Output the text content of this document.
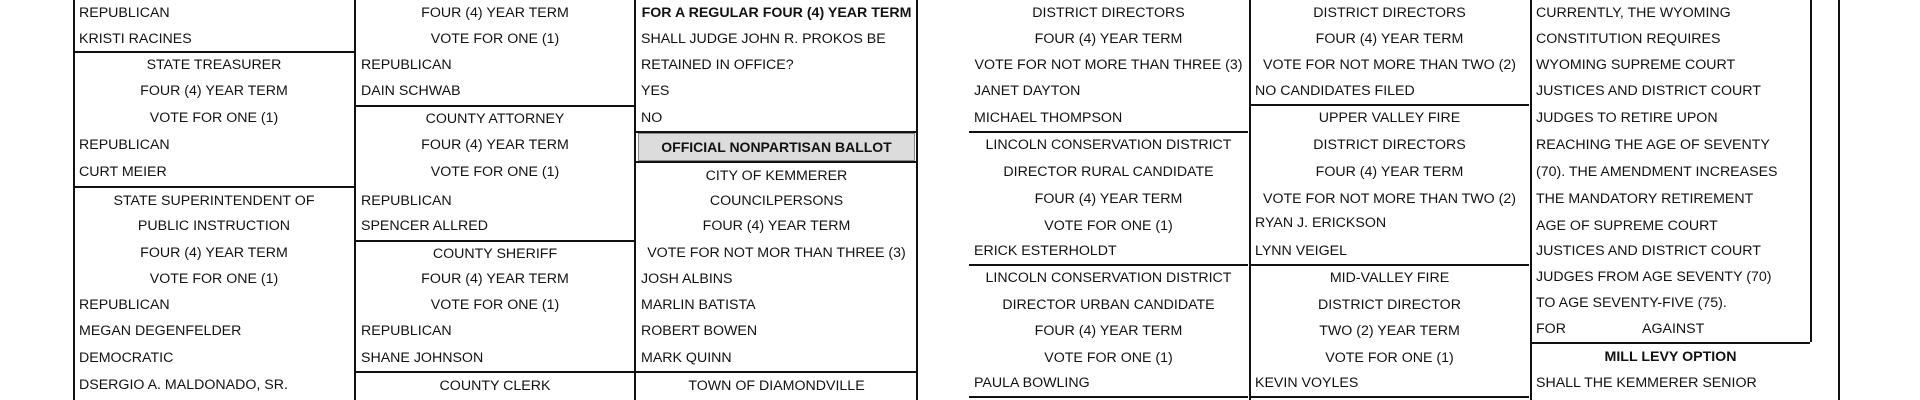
REPUBLICAN
KRISTI RACINES
STATE TREASURER
FOUR (4) YEAR TERM
VOTE FOR ONE (1)
REPUBLICAN
CURT MEIER
STATE SUPERINTENDENT OF
PUBLIC INSTRUCTION
FOUR (4) YEAR TERM
VOTE FOR ONE (1)
REPUBLICAN
MEGAN DEGENFELDER
DEMOCRATIC
DSERGIO A. MALDONADO, SR.
FOUR (4) YEAR TERM
VOTE FOR ONE (1)
REPUBLICAN
DAIN SCHWAB
COUNTY ATTORNEY
FOUR (4) YEAR TERM
VOTE FOR ONE (1)
REPUBLICAN
SPENCER ALLRED
COUNTY SHERIFF
FOUR (4) YEAR TERM
VOTE FOR ONE (1)
REPUBLICAN
SHANE JOHNSON
COUNTY CLERK
FOR A REGULAR FOUR (4) YEAR TERM
SHALL JUDGE JOHN R. PROKOS BE
RETAINED IN OFFICE?
YES
NO
OFFICIAL NONPARTISAN BALLOT
CITY OF KEMMERER
COUNCILPERSONS
FOUR (4) YEAR TERM
VOTE FOR NOT MOR THAN THREE (3)
JOSH ALBINS
MARLIN BATISTA
ROBERT BOWEN
MARK QUINN
TOWN OF DIAMONDVILLE
DISTRICT DIRECTORS
FOUR (4) YEAR TERM
VOTE FOR NOT MORE THAN THREE (3)
JANET DAYTON
MICHAEL THOMPSON
LINCOLN CONSERVATION DISTRICT
DIRECTOR RURAL CANDIDATE
FOUR (4) YEAR TERM
VOTE FOR ONE (1)
ERICK ESTERHOLDT
LINCOLN CONSERVATION DISTRICT
DIRECTOR URBAN CANDIDATE
FOUR (4) YEAR TERM
VOTE FOR ONE (1)
PAULA BOWLING
DISTRICT DIRECTORS
FOUR (4) YEAR TERM
VOTE FOR NOT MORE THAN TWO (2)
NO CANDIDATES FILED
UPPER VALLEY FIRE
DISTRICT DIRECTORS
FOUR (4) YEAR TERM
VOTE FOR NOT MORE THAN TWO (2)
RYAN J. ERICKSON
LYNN VEIGEL
MID-VALLEY FIRE
DISTRICT DIRECTOR
TWO (2) YEAR TERM
VOTE FOR ONE (1)
KEVIN VOYLES
CURRENTLY, THE WYOMING
CONSTITUTION REQUIRES
WYOMING SUPREME COURT
JUSTICES AND DISTRICT COURT
JUDGES TO RETIRE UPON
REACHING THE AGE OF SEVENTY
(70). THE AMENDMENT INCREASES
THE MANDATORY RETIREMENT
AGE OF SUPREME COURT
JUSTICES AND DISTRICT COURT
JUDGES FROM AGE SEVENTY (70)
TO AGE SEVENTY-FIVE (75).
FOR	AGAINST
MILL LEVY OPTION
SHALL THE KEMMERER SENIOR
